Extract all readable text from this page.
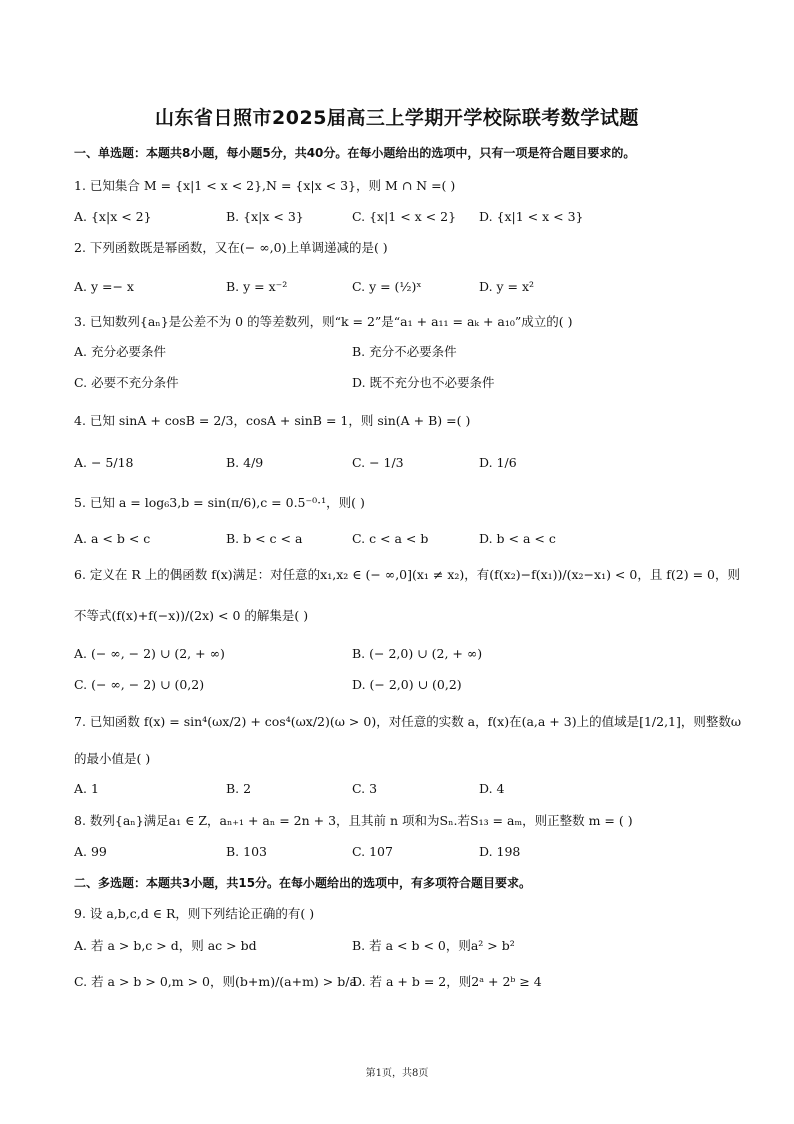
山东省日照市2025届高三上学期开学校际联考数学试题
一、单选题：本题共8小题，每小题5分，共40分。在每小题给出的选项中，只有一项是符合题目要求的。
1. 已知集合 M = {x|1 < x < 2},N = {x|x < 3}，则 M ∩ N =( )
A. {x|x < 2}	B. {x|x < 3}	C. {x|1 < x < 2} D. {x|1 < x < 3}
2. 下列函数既是幂函数，又在(− ∞,0)上单调递减的是( )
A. y =− x	B. y = x⁻²	C. y = (½)ˣ	D. y = x²
3. 已知数列{aₙ}是公差不为 0 的等差数列，则“k = 2”是“a₁ + a₁₁ = aₖ + a₁₀”成立的( )
A. 充分必要条件	B. 充分不必要条件
C. 必要不充分条件	D. 既不充分也不必要条件
4. 已知 sinA + cosB = 2/3，cosA + sinB = 1，则 sin(A + B) =( )
A. − 5/18	B. 4/9	C. − 1/3	D. 1/6
5. 已知 a = log₆3,b = sin(π/6),c = 0.5⁻⁰·¹，则( )
A. a < b < c	B. b < c < a	C. c < a < b	D. b < a < c
6. 定义在 R 上的偶函数 f(x)满足：对任意的x₁,x₂ ∈ (− ∞,0](x₁ ≠ x₂)，有(f(x₂)−f(x₁))/(x₂−x₁) < 0，且 f(2) = 0，则
不等式(f(x)+f(−x))/(2x) < 0 的解集是( )
A. (− ∞, − 2) ∪ (2, + ∞)	B. (− 2,0) ∪ (2, + ∞)
C. (− ∞, − 2) ∪ (0,2)	D. (− 2,0) ∪ (0,2)
7. 已知函数 f(x) = sin⁴(ωx/2) + cos⁴(ωx/2)(ω > 0)，对任意的实数 a，f(x)在(a,a + 3)上的值域是[1/2,1]，则整数ω
的最小值是( )
A. 1	B. 2	C. 3	D. 4
8. 数列{aₙ}满足a₁ ∈ Z，aₙ₊₁ + aₙ = 2n + 3，且其前 n 项和为Sₙ.若S₁₃ = aₘ，则正整数 m = ( )
A. 99	B. 103	C. 107	D. 198
二、多选题：本题共3小题，共15分。在每小题给出的选项中，有多项符合题目要求。
9. 设 a,b,c,d ∈ R，则下列结论正确的有( )
A. 若 a > b,c > d，则 ac > bd	B. 若 a < b < 0，则a² > b²
C. 若 a > b > 0,m > 0，则(b+m)/(a+m) > b/a
D. 若 a + b = 2，则2ᵃ + 2ᵇ ≥ 4
第1页，共8页
